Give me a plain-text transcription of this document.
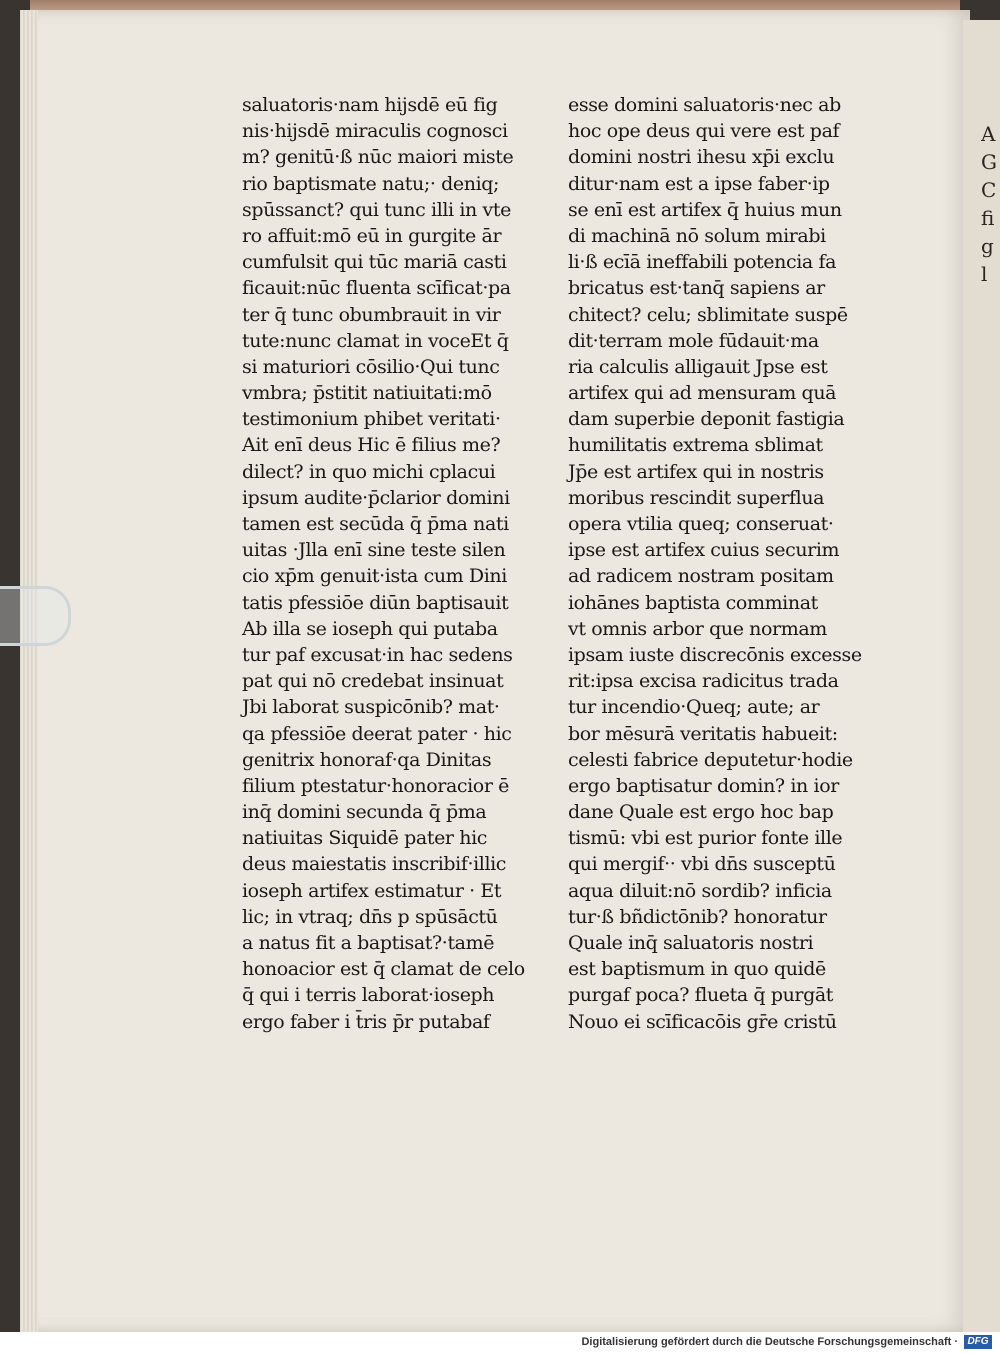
A
G
C
fi
g
l
saluatoris·nam hijsdē eū fig
nis·hijsdē miraculis cognosci
m? genitū·ß nūc maiori miste
rio baptismate natu;· deniq;
spūssanct? qui tunc illi in vte
ro affuit:mō eū in gurgite ār
cumfulsit qui tūc mariā casti
ficauit:nūc fluenta scīficat·pa
ter q̄ tunc obumbrauit in vir
tute:nunc clamat in voceEt q̄
si maturiori cōsilio·Qui tunc
vmbra; p̄stitit natiuitati:mō
testimonium phibet veritati·
Ait enī deus Hic ē filius me?
dilect? in quo michi cplacui
ipsum audite·p̄clarior domini
tamen est secūda q̄ p̄ma nati
uitas ·Jlla enī sine teste silen
cio xp̄m genuit·ista cum Dini
tatis pfessiōe diūn baptisauit
Ab illa se ioseph qui putaba
tur paf excusat·in hac sedens
pat qui nō credebat insinuat
Jbi laborat suspicōnib? mat·
qa pfessiōe deerat pater · hic
genitrix honoraf·qa Dinitas
filium ptestatur·honoracior ē
inq̄ domini secunda q̄ p̄ma
natiuitas Siquidē pater hic
deus maiestatis inscribif·illic
ioseph artifex estimatur · Et
lic; in vtraq; dn̄s p spūsāctū
a natus fit a baptisat?·tamē
honoacior est q̄ clamat de celo
q̄ qui i terris laborat·ioseph
ergo faber i t̄ris p̄r putabaf
esse domini saluatoris·nec ab
hoc ope deus qui vere est paf
domini nostri ihesu xp̄i exclu
ditur·nam est a ipse faber·ip
se enī est artifex q̄ huius mun
di machinā nō solum mirabi
li·ß ecīā ineffabili potencia fa
bricatus est·tanq̄ sapiens ar
chitect? celu; sblimitate suspē
dit·terram mole fūdauit·ma
ria calculis alligauit Jpse est
artifex qui ad mensuram quā
dam superbie deponit fastigia
humilitatis extrema sblimat
Jp̄e est artifex qui in nostris
moribus rescindit superflua
opera vtilia queq; conseruat·
ipse est artifex cuius securim
ad radicem nostram positam
iohānes baptista comminat
vt omnis arbor que normam
ipsam iuste discrecōnis excesse
rit:ipsa excisa radicitus trada
tur incendio·Queq; aute; ar
bor mēsurā veritatis habueit:
celesti fabrice deputetur·hodie
ergo baptisatur domin? in ior
dane Quale est ergo hoc bap
tismū: vbi est purior fonte ille
qui mergif·· vbi dn̄s susceptū
aqua diluit:nō sordib? inficia
tur·ß bñdictōnib? honoratur
Quale inq̄ saluatoris nostri
est baptismum in quo quidē
purgaf poca? flueta q̄ purgāt
Nouo ei scīficacōis gr̄e cristū
Digitalisierung gefördert durch die Deutsche Forschungsgemeinschaft · DFG
